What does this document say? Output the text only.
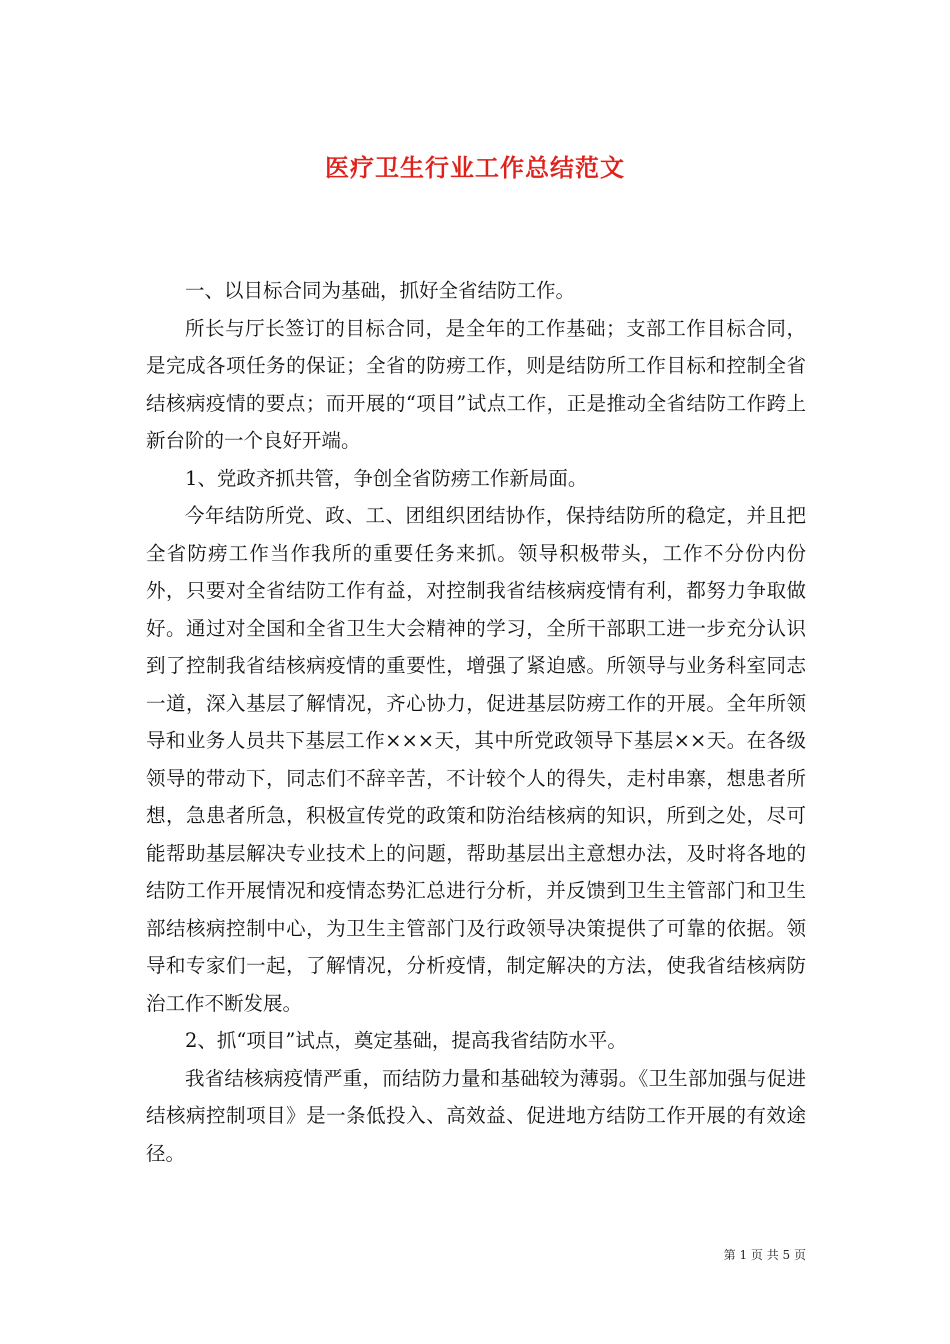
医疗卫生行业工作总结范文

一、以目标合同为基础，抓好全省结防工作。

所长与厅长签订的目标合同，是全年的工作基础；支部工作目标合同，是完成各项任务的保证；全省的防痨工作，则是结防所工作目标和控制全省结核病疫情的要点；而开展的“项目”试点工作，正是推动全省结防工作跨上新台阶的一个良好开端。

1、党政齐抓共管，争创全省防痨工作新局面。

今年结防所党、政、工、团组织团结协作，保持结防所的稳定，并且把全省防痨工作当作我所的重要任务来抓。领导积极带头，工作不分份内份外，只要对全省结防工作有益，对控制我省结核病疫情有利，都努力争取做好。通过对全国和全省卫生大会精神的学习，全所干部职工进一步充分认识到了控制我省结核病疫情的重要性，增强了紧迫感。所领导与业务科室同志一道，深入基层了解情况，齐心协力，促进基层防痨工作的开展。全年所领导和业务人员共下基层工作×××天，其中所党政领导下基层××天。在各级领导的带动下，同志们不辞辛苦，不计较个人的得失，走村串寨，想患者所想，急患者所急，积极宣传党的政策和防治结核病的知识，所到之处，尽可能帮助基层解决专业技术上的问题，帮助基层出主意想办法，及时将各地的结防工作开展情况和疫情态势汇总进行分析，并反馈到卫生主管部门和卫生部结核病控制中心，为卫生主管部门及行政领导决策提供了可靠的依据。领导和专家们一起，了解情况，分析疫情，制定解决的方法，使我省结核病防治工作不断发展。

2、抓“项目”试点，奠定基础，提高我省结防水平。

我省结核病疫情严重，而结防力量和基础较为薄弱。《卫生部加强与促进结核病控制项目》是一条低投入、高效益、促进地方结防工作开展的有效途径。

第 1 页 共 5 页
